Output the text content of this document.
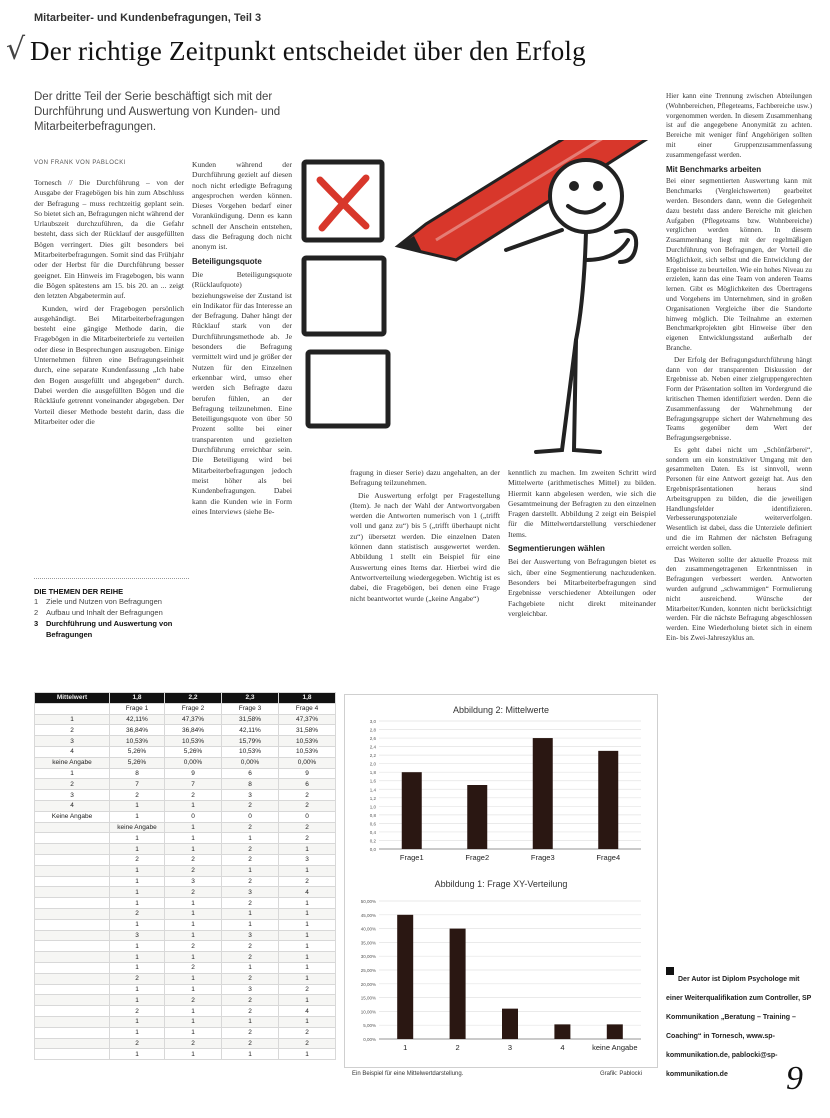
Mitarbeiter- und Kundenbefragungen, Teil 3
√ Der richtige Zeitpunkt entscheidet über den Erfolg
Der dritte Teil der Serie beschäftigt sich mit der Durchführung und Auswertung von Kunden- und Mitarbeiterbefragungen.
VON FRANK VON PABLOCKI

Tornesch // Die Durchführung – von der Ausgabe der Fragebögen bis hin zum Abschluss der Befragung – muss rechtzeitig geplant sein. So bietet sich an, Befragungen nicht während der Urlaubszeit durchzuführen, da die Gefahr besteht, dass sich der Rücklauf der ausgefüllten Bögen verringert. Dies gilt besonders bei Mitarbeiterbefragungen. Somit sind das Frühjahr oder der Herbst für die Durchführung besser geeignet. Ein Hinweis im Fragebogen, bis wann die Bögen spätestens am 15. bis 20. an ... zeigt den letzten Abgabetermin auf.

Kunden, wird der Fragebogen persönlich ausgehändigt. Bei Mitarbeiterbefragungen besteht eine gängige Methode darin, die Fragebögen in die Mitarbeiterbriefe zu verteilen oder diese in Besprechungen auszugeben. Einige Unternehmen führen eine Befragungseinheit durch, eine separate Kundenfassung „Ich habe den Bogen ausgefüllt und abgegeben“ durch. Dabei werden die ausgefüllten Bögen und die Rückläufe getrennt voneinander abgegeben. Der Vorteil dieser Methode besteht darin, dass die Mitarbeiter oder die

Kunden während der Durchführung gezielt auf diesen noch nicht erledigte Befragung angesprochen werden können. Dieses Vorgehen bedarf einer Vorankündigung. Denn es kann schnell der Anschein entstehen, dass die Befragung doch nicht anonym ist.

Beteiligungsquote

Die Beteiligungsquote (Rücklaufquote) beziehungsweise der Zustand ist ein Indikator für das Interesse an der Befragung. Daher hängt der Rücklauf stark von der Durchführungsmethode ab. Je besonders die Befragung vermittelt wird und je größer der Nutzen für den Einzelnen erkennbar wird, umso eher werden sich Befragte dazu berufen fühlen, an der Befragung teilzunehmen. Eine Beteiligungsquote von über 50 Prozent sollte bei einer transparenten und gezielten Durchführung erreichbar sein. Die Beteiligung wird bei Mitarbeiterbefragungen jedoch meist höher als bei Kundenbefragungen. Dabei kann die Kunden wie in Form eines Interviews (siehe Be-

fragung in dieser Serie) dazu angehalten, an der Befragung teilzunehmen.

Die Auswertung erfolgt per Fragestellung (Item). Je nach der Wahl der Antwortvorgaben werden die Antworten numerisch von 1 („trifft voll und ganz zu“) bis 5 („trifft überhaupt nicht zu“) übersetzt werden. Die einzelnen Daten können dann statistisch ausgewertet werden. Abbildung 1 stellt ein Beispiel für eine Auswertung eines Items dar. Hierbei wird die Antwortverteilung wiedergegeben. Wichtig ist es dabei, die Fragebögen, bei denen eine Frage nicht beantwortet wurde („keine Angabe“)

kenntlich zu machen. Im zweiten Schritt wird Mittelwerte (arithmetisches Mittel) zu bilden. Hiermit kann abgelesen werden, wie sich die Gesamtmeinung der Befragten zu den einzelnen Fragen darstellt. Abbildung 2 zeigt ein Beispiel für die Mittelwertdarstellung verschiedener Items.

Segmentierungen wählen

Bei der Auswertung von Befragungen bietet es sich, über eine Segmentierung nachzudenken. Besonders bei Mitarbeiterbefragungen sind Ergebnisse verschiedener Abteilungen oder Fachgebiete nicht direkt miteinander vergleichbar.

Hier kann eine Trennung zwischen Abteilungen (Wohnbereichen, Pflegeteams, Fachbereiche usw.) vorgenommen werden. In diesem Zusammenhang ist auf die angegebene Anonymität zu achten. Bereiche mit weniger fünf Angehörigen sollten mit einer Gruppenzusammenfassung zusammengefasst werden.

Mit Benchmarks arbeiten

Bei einer segmentierten Auswertung kann mit Benchmarks (Vergleichswerten) gearbeitet werden. Besonders dann, wenn die Gelegenheit dazu besteht dass andere Bereiche mit gleichen Aufgaben (Pflegeteams bzw. Wohnbereiche) verglichen werden können. In diesem Zusammenhang liegt mit der regelmäßigen Durchführung von Befragungen, der Vorteil die Möglichkeit, sich selbst und die Entwicklung der Ergebnisse zu beurteilen. Wie ein hohes Niveau zu erzielen, kann das eine Team von anderen Teams lernen. Gibt es Möglichkeiten des Übertragens und Vorgehens im Unternehmen, sind in großen Organisationen Vergleiche über die Standorte hinweg möglich. Die Teilnahme an externen Benchmarkprojekten gibt Hinweise über den eigenen Entwicklungsstand außerhalb der Branche.

Der Erfolg der Befragungsdurchführung hängt dann von der transparenten Diskussion der Ergebnisse ab. Neben einer zielgruppengerechten Form der Präsentation sollten im Vordergrund die kritischen Themen identifiziert werden. Denn die Zusammenfassung der Wahrnehmung der Befragungsgruppe sichert der Wahrnehmung des Teams gegenüber dem Wert der Befragungsergebnisse.

Es geht dabei nicht um „Schönfärberei“, sondern um ein konstruktiver Umgang mit den gesammelten Daten. Es ist sinnvoll, wenn Personen für eine Antwort gezeigt hat. Aus den Ergebnispräsentationen heraus sind Arbeitsgruppen zu bilden, die die jeweiligen Handlungsfelder identifizieren. Verbesserungspotenziale weiterverfolgen. Wesentlich ist dabei, dass die Unterziele definiert und die im Rahmen der nächsten Befragung erreicht werden sollen.

Das Weiteren sollte der aktuelle Prozess mit den zusammengetragenen Erkenntnissen in Befragungen verbessert werden. Antworten wurden aufgrund „schwammigen“ Formulierung nicht ausreichend. Wünsche der Mitarbeiter/Kunden, konnten nicht berücksichtigt werden. Für die nächste Befragung abgeschlossen werden. Eine Wiederholung bietet sich in einem Ein- bis Zwei-Jahreszyklus an.

DIE THEMEN DER REIHE
1 Ziele und Nutzen von Befragungen
2 Aufbau und Inhalt der Befragungen
3 Durchführung und Auswertung von Befragungen
Mittelwert	1,8	2,2	2,3	1,8
	Frage 1	Frage 2	Frage 3	Frage 4
1	42,11%	47,37%	31,58%	47,37%
2	36,84%	36,84%	42,11%	31,58%
3	10,53%	10,53%	15,79%	10,53%
4	5,26%	5,26%	10,53%	10,53%
keine Angabe	5,26%	0,00%	0,00%	0,00%
1	8	9	6	9
2	7	7	8	6
3	2	2	3	2
4	1	1	2	2
Keine Angabe	1	0	0	0
	keine Angabe	1	2	2
	1	1	1	2
	1	1	2	1
	2	2	2	3
	1	2	1	1
	1	3	2	2
	1	2	3	4
	1	1	2	1
	2	1	1	1
	1	1	1	1
	3	1	3	1
	1	2	2	1
	1	1	2	1
	1	2	1	1
	2	1	2	1
	1	1	3	2
	1	2	2	1
	2	1	2	4
	1	1	1	1
	1	1	2	2
	2	2	2	2
	1	1	1	1
Abbildung 2: Mittelwerte
3,0
2,8
2,6
2,4
2,2
2,0
1,8
1,6
1,4
1,2
1,0
0,8
0,6
0,4
0,2
0,0
Frage1	Frage2	Frage3	Frage4
Abbildung 1: Frage XY-Verteilung
50,00%
45,00%
40,00%
35,00%
30,00%
25,00%
20,00%
15,00%
10,00%
5,00%
0,00%
1	2	3	4	keine Angabe
Ein Beispiel für eine Mittelwertdarstellung.	Grafik: Pablocki
Der Autor ist Diplom Psychologe mit einer Weiterqualifikation zum Controller, SP Kommunikation „Beratung – Training – Coaching“ in Tornesch, www.sp-kommunikation.de, pablocki@sp-kommunikation.de	9
